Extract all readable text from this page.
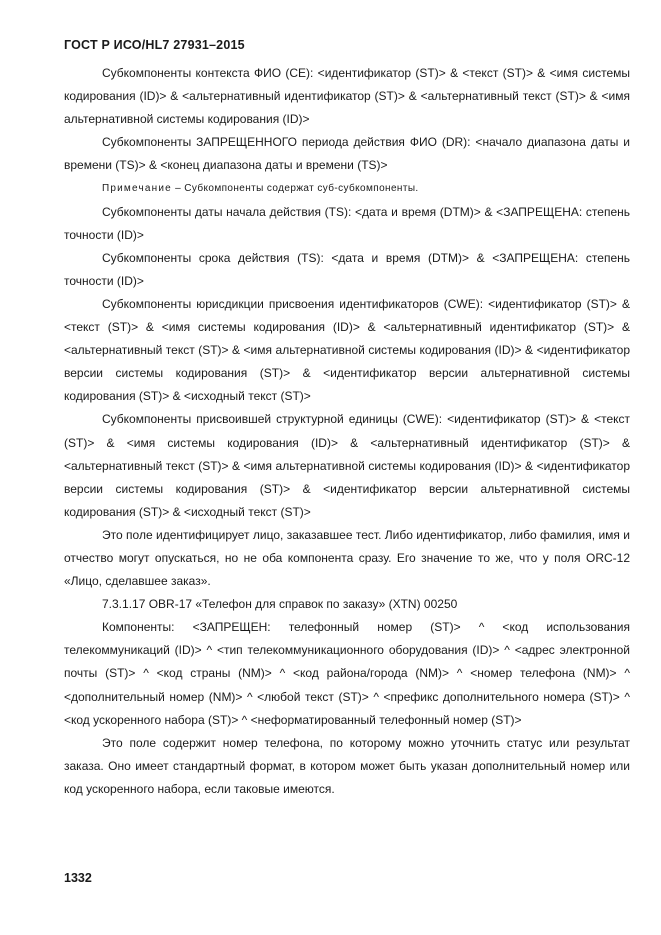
ГОСТ Р ИСО/HL7 27931–2015

Субкомпоненты контекста ФИО (CE): <идентификатор (ST)> & <текст (ST)> & <имя системы кодирования (ID)> & <альтернативный идентификатор (ST)> & <альтернативный текст (ST)> & <имя альтернативной системы кодирования (ID)>

Субкомпоненты ЗАПРЕЩЕННОГО периода действия ФИО (DR): <начало диапазона даты и времени (TS)> & <конец диапазона даты и времени (TS)>

Примечание – Субкомпоненты содержат суб-субкомпоненты.

Субкомпоненты даты начала действия (TS): <дата и время (DTM)> & <ЗАПРЕЩЕНА: степень точности (ID)>

Субкомпоненты срока действия (TS): <дата и время (DTM)> & <ЗАПРЕЩЕНА: степень точности (ID)>

Субкомпоненты юрисдикции присвоения идентификаторов (CWE): <идентификатор (ST)> & <текст (ST)> & <имя системы кодирования (ID)> & <альтернативный идентификатор (ST)> & <альтернативный текст (ST)> & <имя альтернативной системы кодирования (ID)> & <идентификатор версии системы кодирования (ST)> & <идентификатор версии альтернативной системы кодирования (ST)> & <исходный текст (ST)>

Субкомпоненты присвоившей структурной единицы (CWE): <идентификатор (ST)> & <текст (ST)> & <имя системы кодирования (ID)> & <альтернативный идентификатор (ST)> & <альтернативный текст (ST)> & <имя альтернативной системы кодирования (ID)> & <идентификатор версии системы кодирования (ST)> & <идентификатор версии альтернативной системы кодирования (ST)> & <исходный текст (ST)>

Это поле идентифицирует лицо, заказавшее тест. Либо идентификатор, либо фамилия, имя и отчество могут опускаться, но не оба компонента сразу. Его значение то же, что у поля ORC-12 «Лицо, сделавшее заказ».

7.3.1.17 OBR-17 «Телефон для справок по заказу» (XTN) 00250

Компоненты: <ЗАПРЕЩЕН: телефонный номер (ST)> ^ <код использования телекоммуникаций (ID)> ^ <тип телекоммуникационного оборудования (ID)> ^ <адрес электронной почты (ST)> ^ <код страны (NM)> ^ <код района/города (NM)> ^ <номер телефона (NM)> ^ <дополнительный номер (NM)> ^ <любой текст (ST)> ^ <префикс дополнительного номера (ST)> ^ <код ускоренного набора (ST)> ^ <неформатированный телефонный номер (ST)>

Это поле содержит номер телефона, по которому можно уточнить статус или результат заказа. Оно имеет стандартный формат, в котором может быть указан дополнительный номер или код ускоренного набора, если таковые имеются.

1332
